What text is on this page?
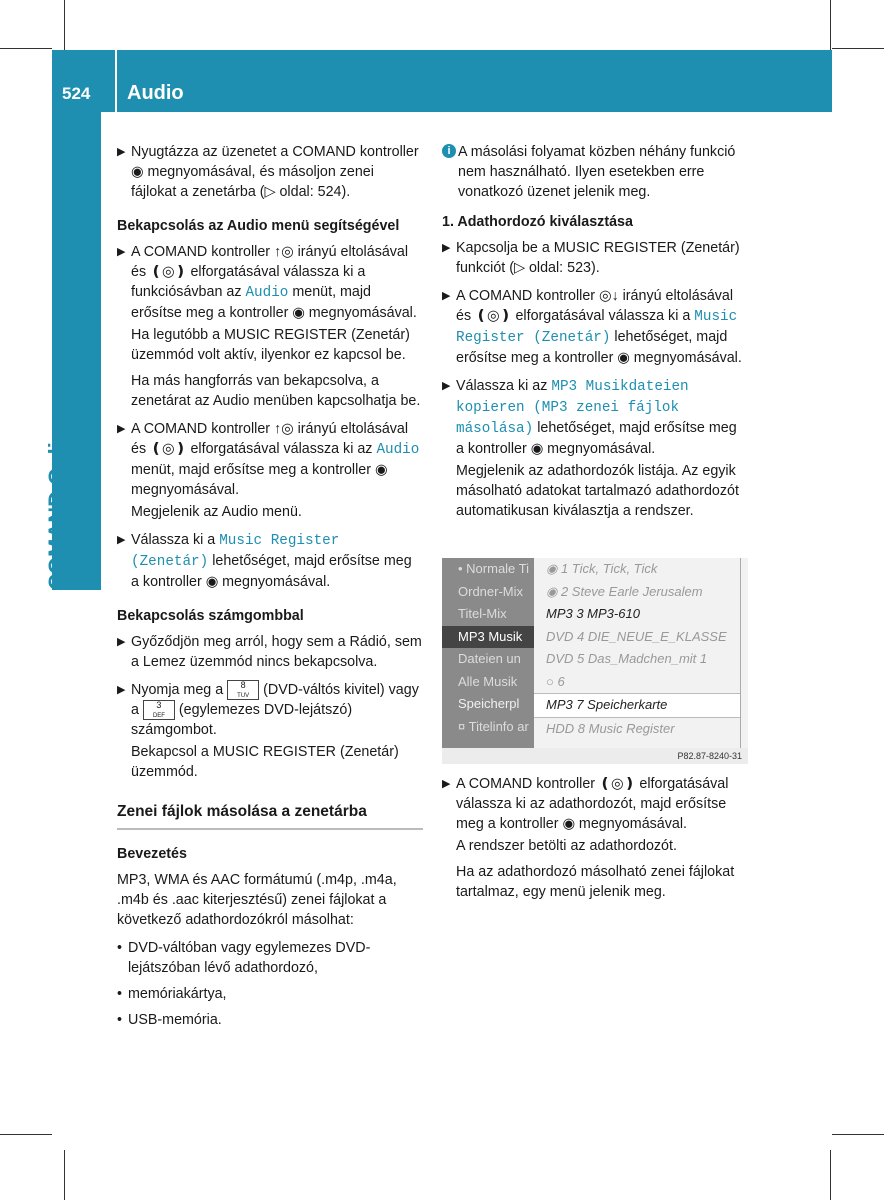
524 Audio
COMAND Online
▶ Nyugtázza az üzenetet a COMAND kontroller ◉ megnyomásával, és másoljon zenei fájlokat a zenetárba (▷ oldal: 524).
Bekapcsolás az Audio menü segítségével
▶ A COMAND kontroller ↑◎ irányú eltolásával és ❪◎❫ elforgatásával válassza ki a funkciósávban az Audio menüt, majd erősítse meg a kontroller ◉ megnyomásával.
Ha legutóbb a MUSIC REGISTER (Zenetár) üzemmód volt aktív, ilyenkor ez kapcsol be.
Ha más hangforrás van bekapcsolva, a zenetárat az Audio menüben kapcsolhatja be.
▶ A COMAND kontroller ↑◎ irányú eltolásával és ❪◎❫ elforgatásával válassza ki az Audio menüt, majd erősítse meg a kontroller ◉ megnyomásával.
Megjelenik az Audio menü.
▶ Válassza ki a Music Register (Zenetár) lehetőséget, majd erősítse meg a kontroller ◉ megnyomásával.
Bekapcsolás számgombbal
▶ Győződjön meg arról, hogy sem a Rádió, sem a Lemez üzemmód nincs bekapcsolva.
▶ Nyomja meg a 8
TUV (DVD-váltós kivitel) vagy a 3
DEF (egylemezes DVD-lejátszó) számgombot.
Bekapcsol a MUSIC REGISTER (Zenetár) üzemmód.
Zenei fájlok másolása a zenetárba
Bevezetés
MP3, WMA és AAC formátumú (.m4p, .m4a, .m4b és .aac kiterjesztésű) zenei fájlokat a következő adathordozókról másolhat:
• DVD-váltóban vagy egylemezes DVD-lejátszóban lévő adathordozó,
• memóriakártya,
• USB-memória.
i A másolási folyamat közben néhány funkció nem használható. Ilyen esetekben erre vonatkozó üzenet jelenik meg.
1. Adathordozó kiválasztása
▶ Kapcsolja be a MUSIC REGISTER (Zenetár) funkciót (▷ oldal: 523).
▶ A COMAND kontroller ◎↓ irányú eltolásával és ❪◎❫ elforgatásával válassza ki a Music Register (Zenetár) lehetőséget, majd erősítse meg a kontroller ◉ megnyomásával.
▶ Válassza ki az MP3 Musikdateien kopieren (MP3 zenei fájlok másolása) lehetőséget, majd erősítse meg a kontroller ◉ megnyomásával.
Megjelenik az adathordozók listája. Az egyik másolható adatokat tartalmazó adathordozót automatikusan kiválasztja a rendszer.
• Normale Ti
Ordner-Mix
Titel-Mix
MP3 Musik
Dateien un
Alle Musik
Speicherpl
¤ Titelinfo ar
◉ 1 Tick, Tick, Tick
◉ 2 Steve Earle Jerusalem
MP3 3 MP3-610
DVD 4 DIE_NEUE_E_KLASSE
DVD 5 Das_Madchen_mit 1
○ 6
MP3 7 Speicherkarte
HDD 8 Music Register
P82.87-8240-31
▶ A COMAND kontroller ❪◎❫ elforgatásával válassza ki az adathordozót, majd erősítse meg a kontroller ◉ megnyomásával.
A rendszer betölti az adathordozót.
Ha az adathordozó másolható zenei fájlokat tartalmaz, egy menü jelenik meg.
